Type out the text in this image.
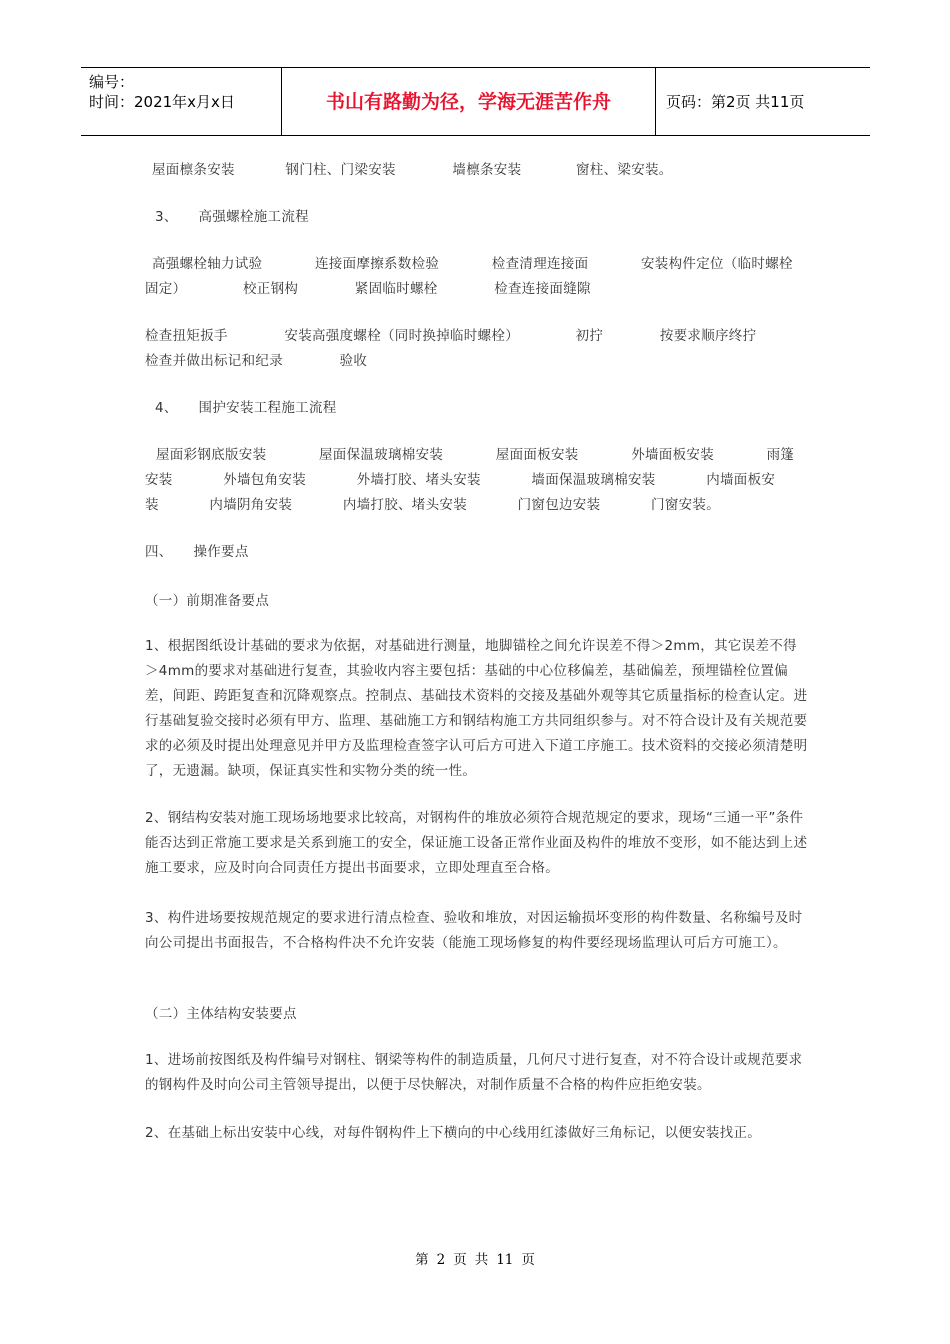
编号：
时间：2021年x月x日	书山有路勤为径，学海无涯苦作舟	页码：第2页 共11页
屋面檩条安装	钢门柱、门梁安装	墙檩条安装	窗柱、梁安装。
3、　　高强螺栓施工流程
高强螺栓轴力试验	连接面摩擦系数检验	检查清理连接面	安装构件定位（临时螺栓
固定）	校正钢构	紧固临时螺栓	检查连接面缝隙
检查扭矩扳手	安装高强度螺栓（同时换掉临时螺栓）	初拧	按要求顺序终拧
检查并做出标记和纪录	验收
4、　　围护安装工程施工流程
屋面彩钢底版安装	屋面保温玻璃棉安装	屋面面板安装	外墙面板安装	雨篷
安装	外墙包角安装	外墙打胶、堵头安装	墙面保温玻璃棉安装	内墙面板安
装	内墙阴角安装	内墙打胶、堵头安装	门窗包边安装	门窗安装。
四、　　操作要点
（一）前期准备要点
1、根据图纸设计基础的要求为依据，对基础进行测量，地脚锚栓之间允许误差不得＞2mm，其它误差不得＞4mm的要求对基础进行复查，其验收内容主要包括：基础的中心位移偏差，基础偏差，预埋锚栓位置偏差，间距、跨距复查和沉降观察点。控制点、基础技术资料的交接及基础外观等其它质量指标的检查认定。进行基础复验交接时必须有甲方、监理、基础施工方和钢结构施工方共同组织参与。对不符合设计及有关规范要求的必须及时提出处理意见并甲方及监理检查签字认可后方可进入下道工序施工。技术资料的交接必须清楚明了，无遗漏。缺项，保证真实性和实物分类的统一性。
2、钢结构安装对施工现场场地要求比较高，对钢构件的堆放必须符合规范规定的要求，现场“三通一平”条件能否达到正常施工要求是关系到施工的安全，保证施工设备正常作业面及构件的堆放不变形，如不能达到上述施工要求，应及时向合同责任方提出书面要求，立即处理直至合格。
3、构件进场要按规范规定的要求进行清点检查、验收和堆放，对因运输损坏变形的构件数量、名称编号及时向公司提出书面报告，不合格构件决不允许安装（能施工现场修复的构件要经现场监理认可后方可施工）。
（二）主体结构安装要点
1、进场前按图纸及构件编号对钢柱、钢梁等构件的制造质量，几何尺寸进行复查，对不符合设计或规范要求的钢构件及时向公司主管领导提出，以便于尽快解决，对制作质量不合格的构件应拒绝安装。
2、在基础上标出安装中心线，对每件钢构件上下横向的中心线用红漆做好三角标记，以便安装找正。
第 2 页 共 11 页
